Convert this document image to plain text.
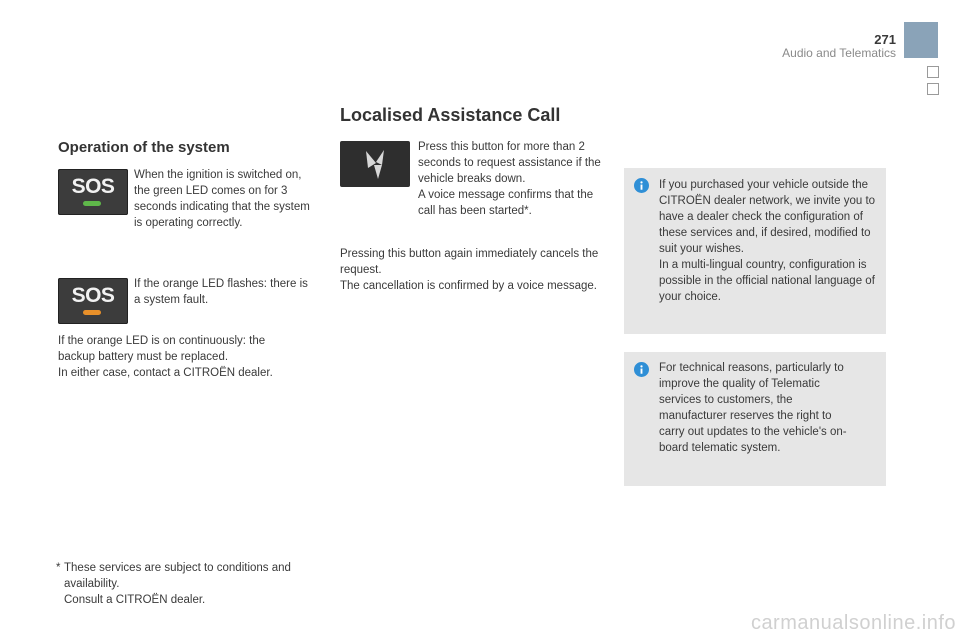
271
Audio and Telematics
Operation of the system
SOS	When the ignition is switched on, the green LED comes on for 3 seconds indicating that the system is operating correctly.

SOS	If the orange LED flashes: there is a system fault.

If the orange LED is on continuously: the backup battery must be replaced.

In either case, contact a CITROËN dealer.

* These services are subject to conditions and availability.
Consult a CITROËN dealer.
Localised Assistance Call

Press this button for more than 2 seconds to request assistance if the vehicle breaks down.

A voice message confirms that the call has been started*.

Pressing this button again immediately cancels the request.

The cancellation is confirmed by a voice message.

If you purchased your vehicle outside the CITROËN dealer network, we invite you to have a dealer check the configuration of these services and, if desired, modified to suit your wishes.

In a multi-lingual country, configuration is possible in the official national language of your choice.

For technical reasons, particularly to improve the quality of Telematic services to customers, the manufacturer reserves the right to carry out updates to the vehicle's on-board telematic system.

carmanualsonline.info
